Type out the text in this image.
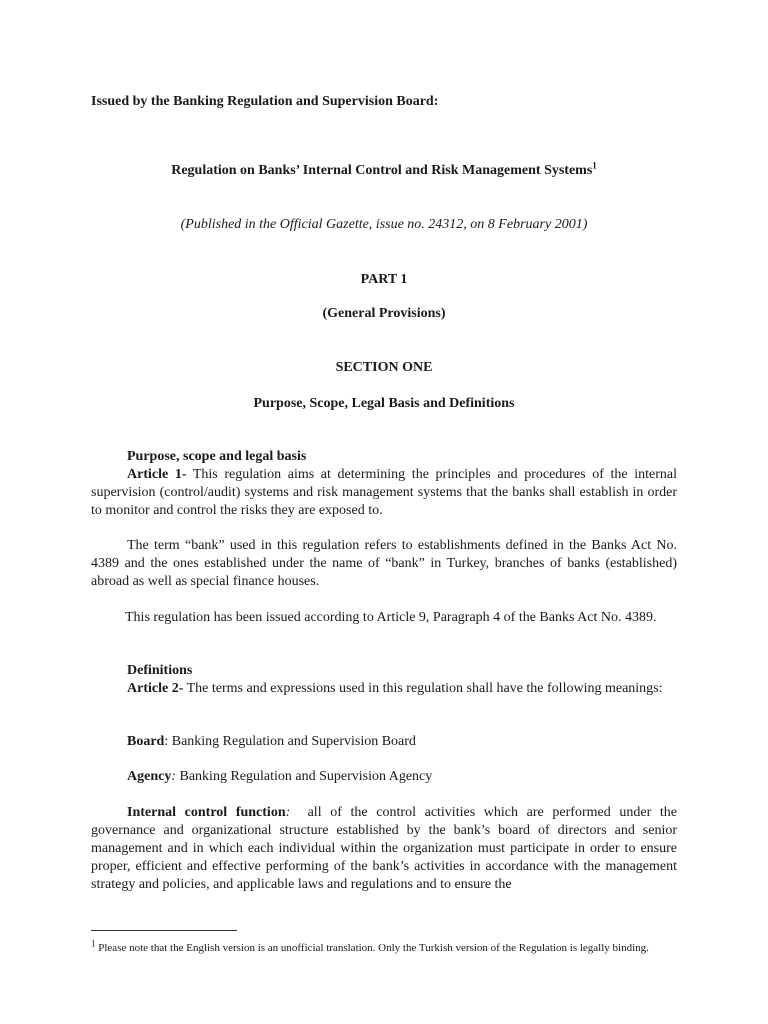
Issued by the Banking Regulation and Supervision Board:
Regulation on Banks’ Internal Control and Risk Management Systems$^1$
(Published in the Official Gazette, issue no. 24312, on 8 February 2001)
PART 1
(General Provisions)
SECTION ONE
Purpose, Scope, Legal Basis and Definitions
Purpose, scope and legal basis
Article 1- This regulation aims at determining the principles and procedures of the internal supervision (control/audit) systems and risk management systems that the banks shall establish in order to monitor and control the risks they are exposed to.
The term “bank” used in this regulation refers to establishments defined in the Banks Act No. 4389 and the ones established under the name of “bank” in Turkey, branches of banks (established) abroad as well as special finance houses.
This regulation has been issued according to Article 9, Paragraph 4 of the Banks Act No. 4389.
Definitions
Article 2- The terms and expressions used in this regulation shall have the following meanings:
Board: Banking Regulation and Supervision Board
Agency: Banking Regulation and Supervision Agency
Internal control function:  all of the control activities which are performed under the governance and organizational structure established by the bank’s board of directors and senior management and in which each individual within the organization must participate in order to ensure proper, efficient and effective performing of the bank’s activities in accordance with the management strategy and policies, and applicable laws and regulations and to ensure the
$^1$ Please note that the English version is an unofficial translation. Only the Turkish version of the Regulation is legally binding.
